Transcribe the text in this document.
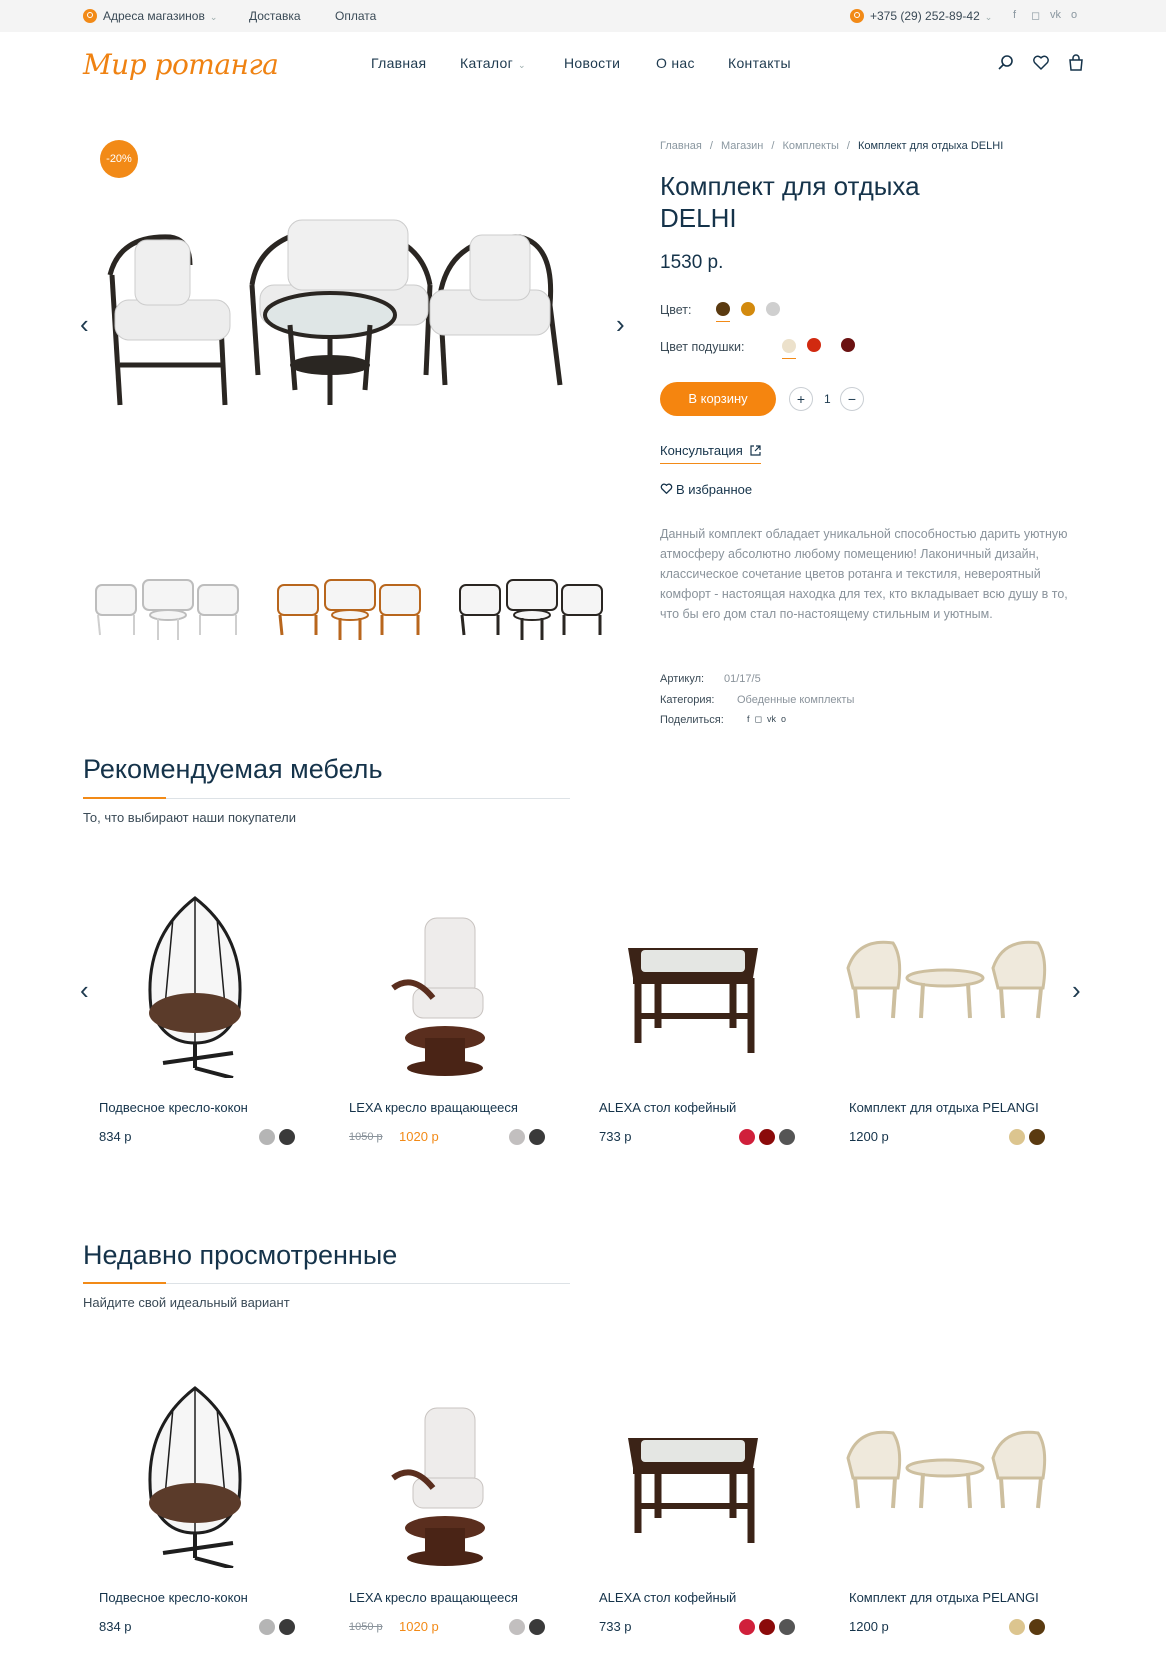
Адреса магазинов ⌄	Доставка	Оплата	+375 (29) 252-89-42 ⌄ f ◻ vk ᴏ
Мир ротанга	Главная Каталог ⌄	Новости	О нас Контакты
-20%
‹	›
Главная / Магазин / Комплекты / Комплект для отдыха DELHI
Комплект для отдыха DELHI
1530 р.
Цвет:
Цвет подушки:
В корзину	+	1	−
Консультация
В избранное
Данный комплект обладает уникальной способностью дарить уютную атмосферу абсолютно любому помещению! Лаконичный дизайн, классическое сочетание цветов ротанга и текстиля, невероятный комфорт - настоящая находка для тех, кто вкладывает всю душу в то, что бы его дом стал по-настоящему стильным и уютным.
Артикул: 01/17/5
Категория: Обеденные комплекты
Поделиться:	f ◻ vk ᴏ
Рекомендуемая мебель
То, что выбирают наши покупатели
‹	›
Подвесное кресло-кокон
834 р
LEXA кресло вращающееся
1050 р 1020 р
ALEXA стол кофейный
733 р
Комплект для отдыха PELANGI
1200 р
Недавно просмотренные
Найдите свой идеальный вариант
Подвесное кресло-кокон
834 р
LEXA кресло вращающееся
1050 р 1020 р
ALEXA стол кофейный
733 р
Комплект для отдыха PELANGI
1200 р
